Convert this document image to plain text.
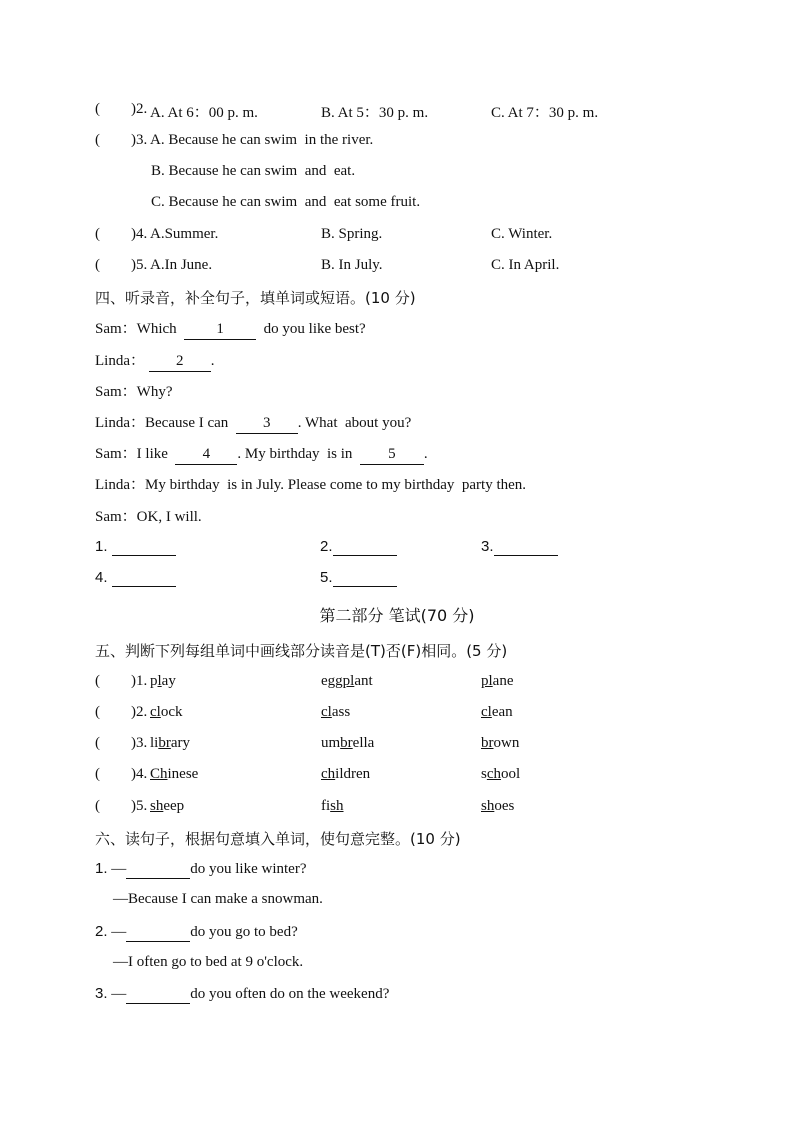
( )2. A. At 6：00 p. m.	B. At 5：30 p. m.	C. At 7：30 p. m.
( )3. A. Because he can swim  in the river.
B. Because he can swim  and  eat.
C. Because he can swim  and  eat some fruit.
( )4. A.Summer.	B. Spring.	C. Winter.
( )5. A.In June.	B. In July.	C. In April.
四、听录音，补全句子，填单词或短语。(10 分)
Sam：Which  1  do you like best?
Linda： 2 .
Sam：Why?
Linda：Because I can  3 . What  about you?
Sam：I like  4 . My birthday  is in  5 .
Linda：My birthday  is in July. Please come to my birthday  party then.
Sam：OK, I will.
1.	2.	3.
4.	5.
第二部分 笔试(70 分)
五、判断下列每组单词中画线部分读音是(T)否(F)相同。(5 分)
( )1. play	eggplant	plane
( )2. clock	class	clean
( )3. library	umbrella	brown
( )4. Chinese	children	school
( )5. sheep	fish	shoes
六、读句子，根据句意填入单词，使句意完整。(10 分)
1. —	do you like winter?
—Because I can make a snowman.
2. —	do you go to bed?
—I often go to bed at 9 o'clock.
3. —	do you often do on the weekend?
